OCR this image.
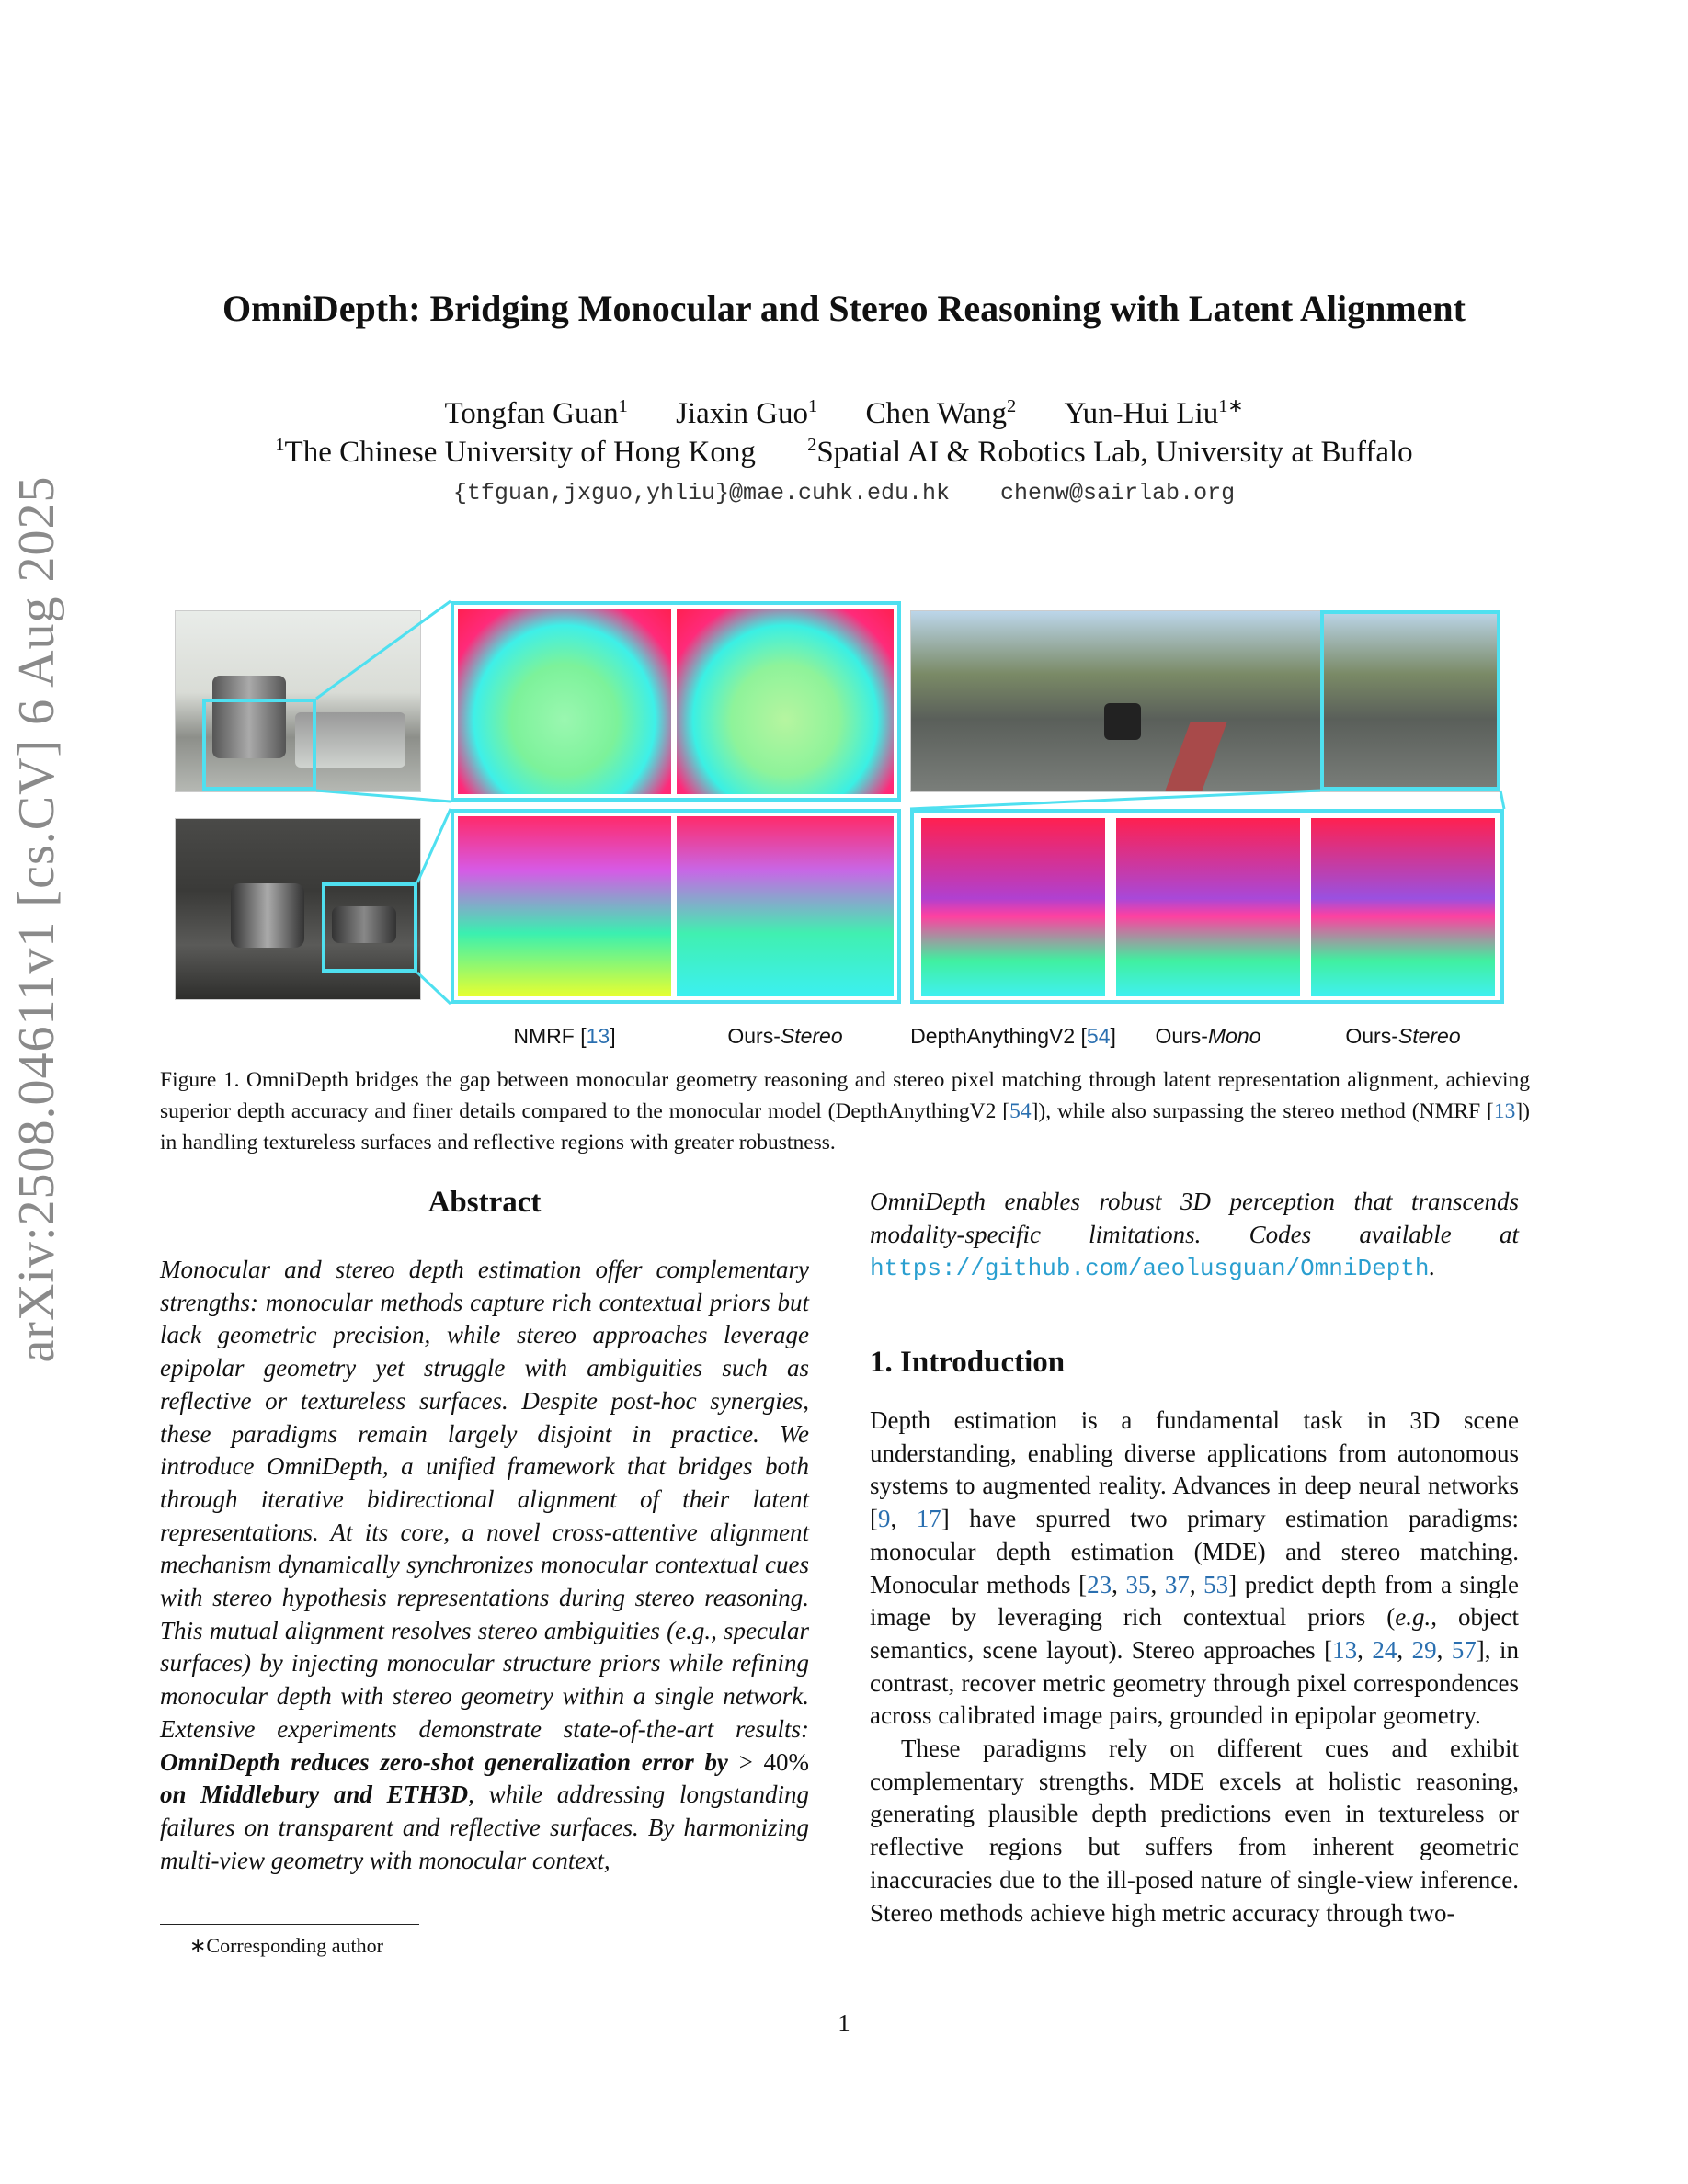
arXiv:2508.04611v1 [cs.CV] 6 Aug 2025
OmniDepth: Bridging Monocular and Stereo Reasoning with Latent Alignment
Tongfan Guan$^1$ Jiaxin Guo$^1$ Chen Wang$^2$ Yun-Hui Liu$^{1∗}$
$^1$The Chinese University of Hong Kong	$^2$Spatial AI & Robotics Lab, University at Buffalo
{tfguan,jxguo,yhliu}@mae.cuhk.edu.hk chenw@sairlab.org
NMRF [13]	Ours-Stereo	DepthAnythingV2 [54]	Ours-Mono	Ours-Stereo
Figure 1. OmniDepth bridges the gap between monocular geometry reasoning and stereo pixel matching through latent representation alignment, achieving superior depth accuracy and finer details compared to the monocular model (DepthAnythingV2 [54]), while also surpassing the stereo method (NMRF [13]) in handling textureless surfaces and reflective regions with greater robustness.
Abstract
Monocular and stereo depth estimation offer complementary strengths: monocular methods capture rich contextual priors but lack geometric precision, while stereo approaches leverage epipolar geometry yet struggle with ambiguities such as reflective or textureless surfaces. Despite post-hoc synergies, these paradigms remain largely disjoint in practice. We introduce OmniDepth, a unified framework that bridges both through iterative bidirectional alignment of their latent representations. At its core, a novel cross-attentive alignment mechanism dynamically synchronizes monocular contextual cues with stereo hypothesis representations during stereo reasoning. This mutual alignment resolves stereo ambiguities (e.g., specular surfaces) by injecting monocular structure priors while refining monocular depth with stereo geometry within a single network. Extensive experiments demonstrate state-of-the-art results: OmniDepth reduces zero-shot generalization error by > 40% on Middlebury and ETH3D, while addressing longstanding failures on transparent and reflective surfaces. By harmonizing multi-view geometry with monocular context,
OmniDepth enables robust 3D perception that transcends modality-specific limitations. Codes available at https://github.com/aeolusguan/OmniDepth.
1. Introduction

Depth estimation is a fundamental task in 3D scene understanding, enabling diverse applications from autonomous systems to augmented reality. Advances in deep neural networks [9, 17] have spurred two primary estimation paradigms: monocular depth estimation (MDE) and stereo matching. Monocular methods [23, 35, 37, 53] predict depth from a single image by leveraging rich contextual priors (e.g., object semantics, scene layout). Stereo approaches [13, 24, 29, 57], in contrast, recover metric geometry through pixel correspondences across calibrated image pairs, grounded in epipolar geometry.

These paradigms rely on different cues and exhibit complementary strengths. MDE excels at holistic reasoning, generating plausible depth predictions even in textureless or reflective regions but suffers from inherent geometric inaccuracies due to the ill-posed nature of single-view inference. Stereo methods achieve high metric accuracy through two-

∗Corresponding author
1
